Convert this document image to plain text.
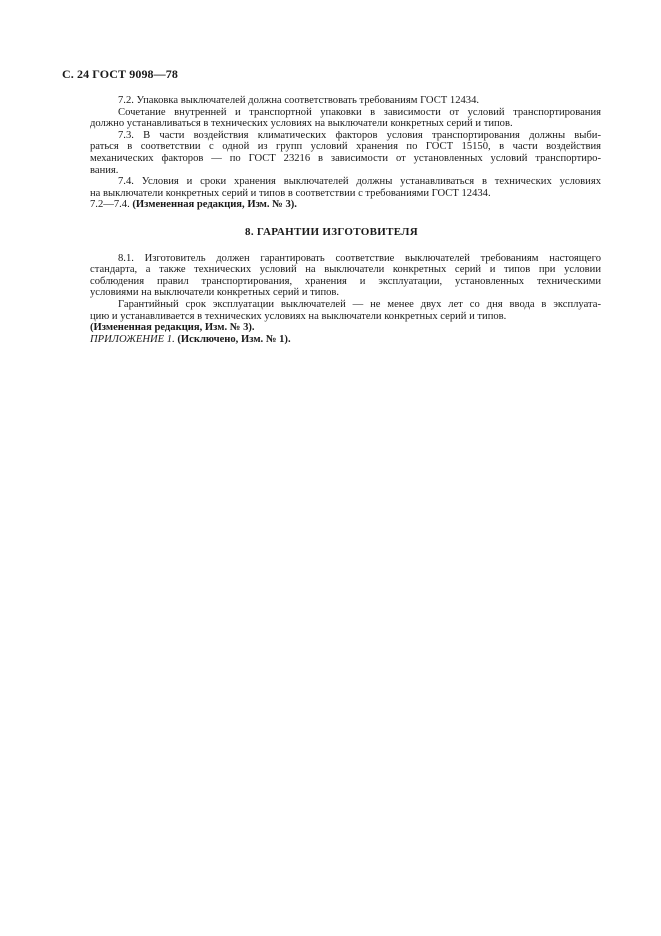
С. 24 ГОСТ 9098—78
7.2. Упаковка выключателей должна соответствовать требованиям ГОСТ 12434.
Сочетание внутренней и транспортной упаковки в зависимости от условий транспортирования
должно устанавливаться в технических условиях на выключатели конкретных серий и типов.
7.3. В части воздействия климатических факторов условия транспортирования должны выби-
раться в соответствии с одной из групп условий хранения по ГОСТ 15150, в части воздействия
механических факторов — по ГОСТ 23216 в зависимости от установленных условий транспортиро-
вания.
7.4. Условия и сроки хранения выключателей должны устанавливаться в технических условиях
на выключатели конкретных серий и типов в соответствии с требованиями ГОСТ 12434.
7.2—7.4. (Измененная редакция, Изм. № 3).
8. ГАРАНТИИ ИЗГОТОВИТЕЛЯ
8.1. Изготовитель должен гарантировать соответствие выключателей требованиям настоящего
стандарта, а также технических условий на выключатели конкретных серий и типов при условии
соблюдения правил транспортирования, хранения и эксплуатации, установленных техническими
условиями на выключатели конкретных серий и типов.
Гарантийный срок эксплуатации выключателей — не менее двух лет со дня ввода в эксплуата-
цию и устанавливается в технических условиях на выключатели конкретных серий и типов.
(Измененная редакция, Изм. № 3).
ПРИЛОЖЕНИЕ 1. (Исключено, Изм. № 1).
